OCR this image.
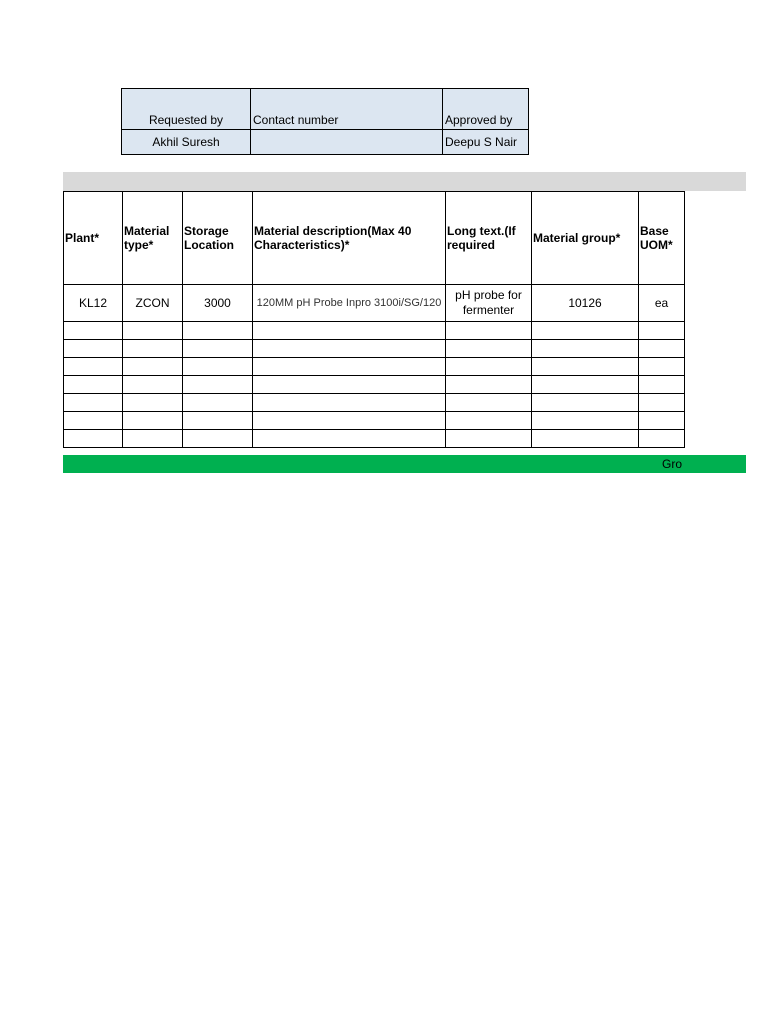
Requested by	Contact number	Approved by
Akhil Suresh		Deepu S Nair
Plant*	Material type*	Storage Location	Material description(Max 40 Characteristics)*	Long text.(If required	Material group*	Base UOM*
KL12	ZCON	3000	120MM pH Probe Inpro 3100i/SG/120	pH probe for fermenter	10126	ea

Gro
